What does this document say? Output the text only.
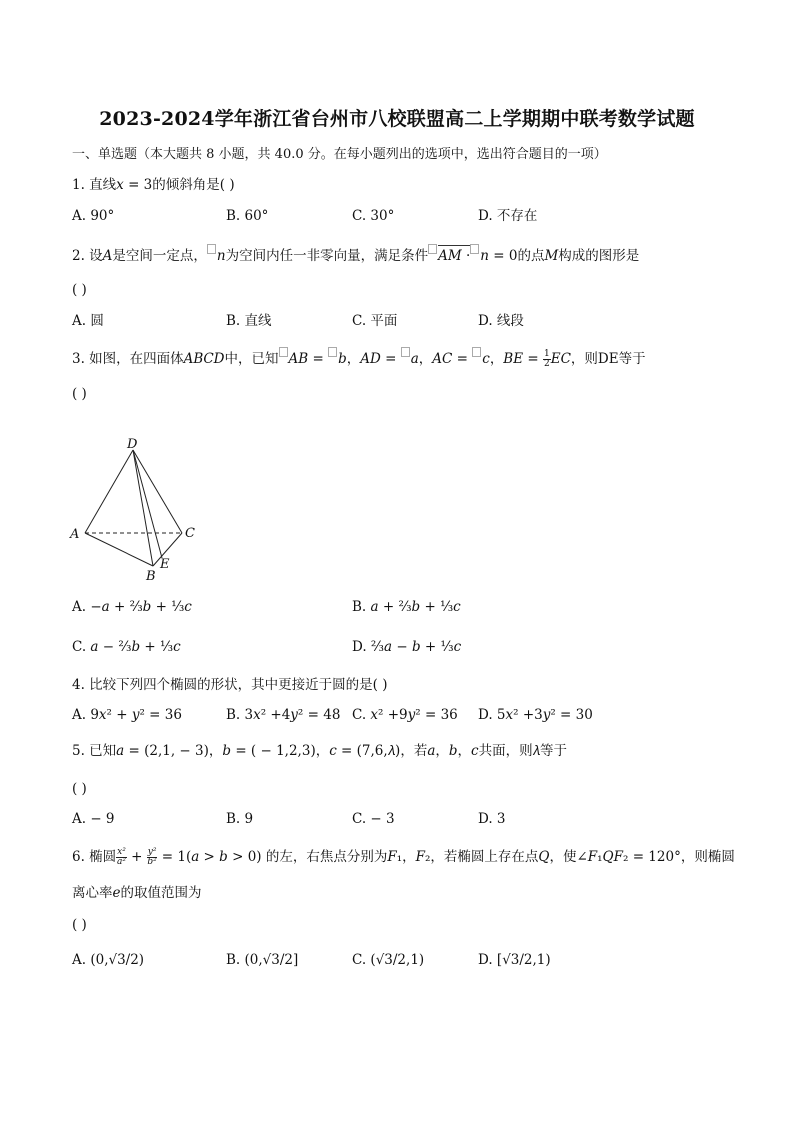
2023-2024学年浙江省台州市八校联盟高二上学期期中联考数学试题
一、单选题（本大题共 8 小题，共 40.0 分。在每小题列出的选项中，选出符合题目的一项）
1. 直线𝑥 = 3的倾斜角是( )
A. 90°	B. 60°	C. 30°	D. 不存在
2. 设𝐴是空间一定点， 𝑛为空间内任一非零向量，满足条件 𝐴𝑀 · 𝑛 = 0的点𝑀构成的图形是
( )
A. 圆	B. 直线	C. 平面	D. 线段
3. 如图，在四面体𝐴𝐵𝐶𝐷中，已知 𝐴𝐵 = 𝑏，𝐴𝐷 = 𝑎，𝐴𝐶 = 𝑐，𝐵𝐸 = $\frac{1}{2}$ 𝐸𝐶，则DE等于
( )
D
A	C
B
E
A. −𝑎 + ⅔𝑏 + ⅓𝑐	B. 𝑎 + ⅔𝑏 + ⅓𝑐
C. 𝑎 − ⅔𝑏 + ⅓𝑐	D. ⅔𝑎 − 𝑏 + ⅓𝑐
4. 比较下列四个椭圆的形状，其中更接近于圆的是( )
A. 9𝑥² + 𝑦² = 36	B. 3𝑥² +4𝑦² = 48 C. 𝑥² +9𝑦² = 36 D. 5𝑥² +3𝑦² = 30
5. 已知𝑎 = (2,1, − 3)，𝑏 = ( − 1,2,3)，𝑐 = (7,6,𝜆)，若𝑎，𝑏，𝑐共面，则𝜆等于
( )
A. − 9	B. 9	C. − 3	D. 3
6. 椭圆 $\frac{\text{x²}}{\text{a²}} + \frac{\text{y²}}{\text{b²}}$ = 1(𝑎 > 𝑏 > 0) 的左，右焦点分别为𝐹₁，𝐹₂，若椭圆上存在点𝑄，使∠𝐹₁𝑄𝐹₂ = 120°，则椭圆
离心率𝑒的取值范围为
( )
A. (0,√3/2)	B. (0,√3/2]	C. (√3/2,1)	D. [√3/2,1)
